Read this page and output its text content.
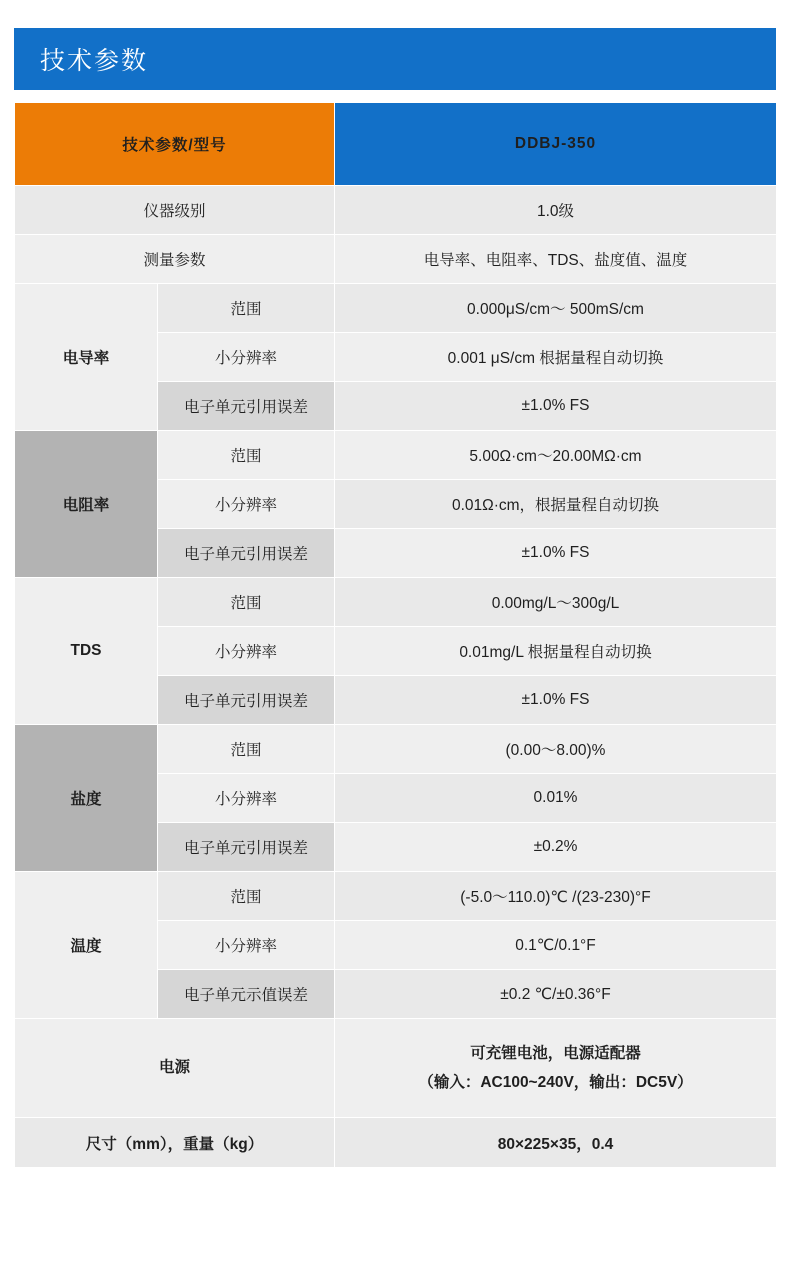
技术参数
技术参数/型号		DDBJ-350
仪器级别		1.0级
测量参数		电导率、电阻率、TDS、盐度值、温度
电导率	范围	0.000μS/cm～ 500mS/cm
	小分辨率	0.001 μS/cm 根据量程自动切换
	电子单元引用误差	±1.0% FS
电阻率	范围	5.00Ω·cm～20.00MΩ·cm
	小分辨率	0.01Ω·cm，根据量程自动切换
	电子单元引用误差	±1.0% FS
TDS	范围	0.00mg/L～300g/L
	小分辨率	0.01mg/L 根据量程自动切换
	电子单元引用误差	±1.0% FS
盐度	范围	(0.00～8.00)%
	小分辨率	0.01%
	电子单元引用误差	±0.2%
温度	范围	(-5.0～110.0)℃ /(23-230)°F
	小分辨率	0.1℃/0.1°F
	电子单元示值误差	±0.2 ℃/±0.36°F
电源		可充锂电池，电源适配器
（输入：AC100~240V，输出：DC5V）

尺寸（mm），重量（kg）		80×225×35，0.4
